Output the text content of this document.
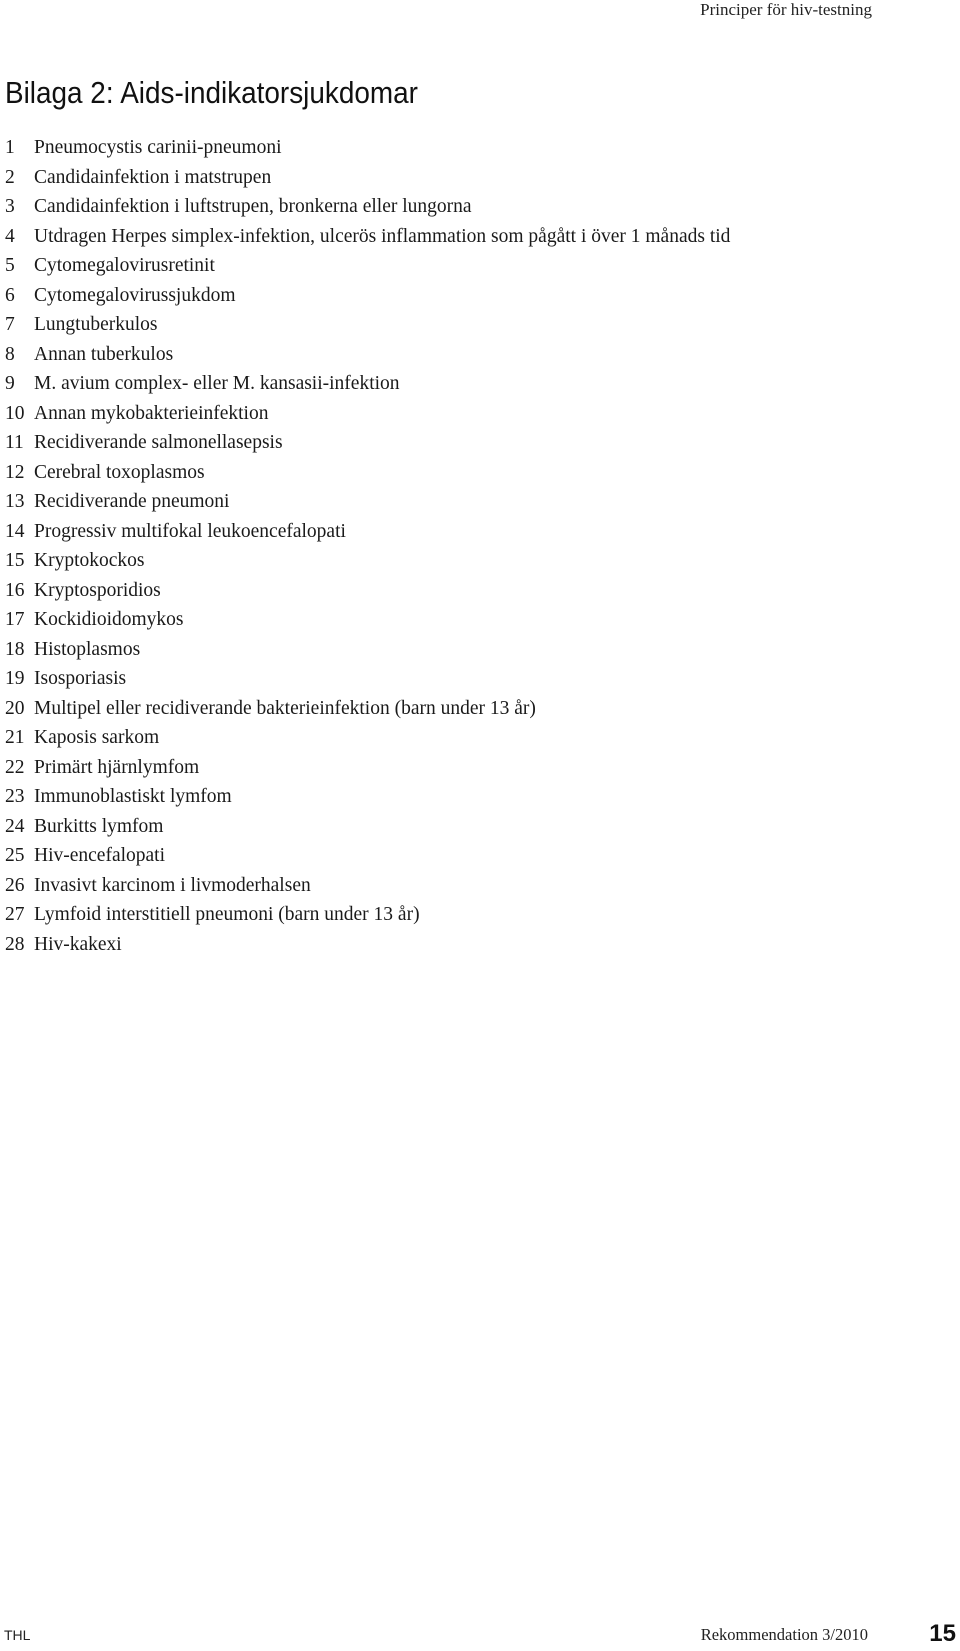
Principer för hiv-testning
Bilaga 2: Aids-indikatorsjukdomar
1 Pneumocystis carinii-pneumoni
2 Candidainfektion i matstrupen
3 Candidainfektion i luftstrupen, bronkerna eller lungorna
4 Utdragen Herpes simplex-infektion, ulcerös inflammation som pågått i över 1 månads tid
5 Cytomegalovirusretinit
6 Cytomegalovirussjukdom
7 Lungtuberkulos
8 Annan tuberkulos
9 M. avium complex- eller M. kansasii-infektion
10 Annan mykobakterieinfektion
11 Recidiverande salmonellasepsis
12 Cerebral toxoplasmos
13 Recidiverande pneumoni
14 Progressiv multifokal leukoencefalopati
15 Kryptokockos
16 Kryptosporidios
17 Kockidioidomykos
18 Histoplasmos
19 Isosporiasis
20 Multipel eller recidiverande bakterieinfektion (barn under 13 år)
21 Kaposis sarkom
22 Primärt hjärnlymfom
23 Immunoblastiskt lymfom
24 Burkitts lymfom
25 Hiv-encefalopati
26 Invasivt karcinom i livmoderhalsen
27 Lymfoid interstitiell pneumoni (barn under 13 år)
28 Hiv-kakexi
THL	Rekommendation 3/2010	15
